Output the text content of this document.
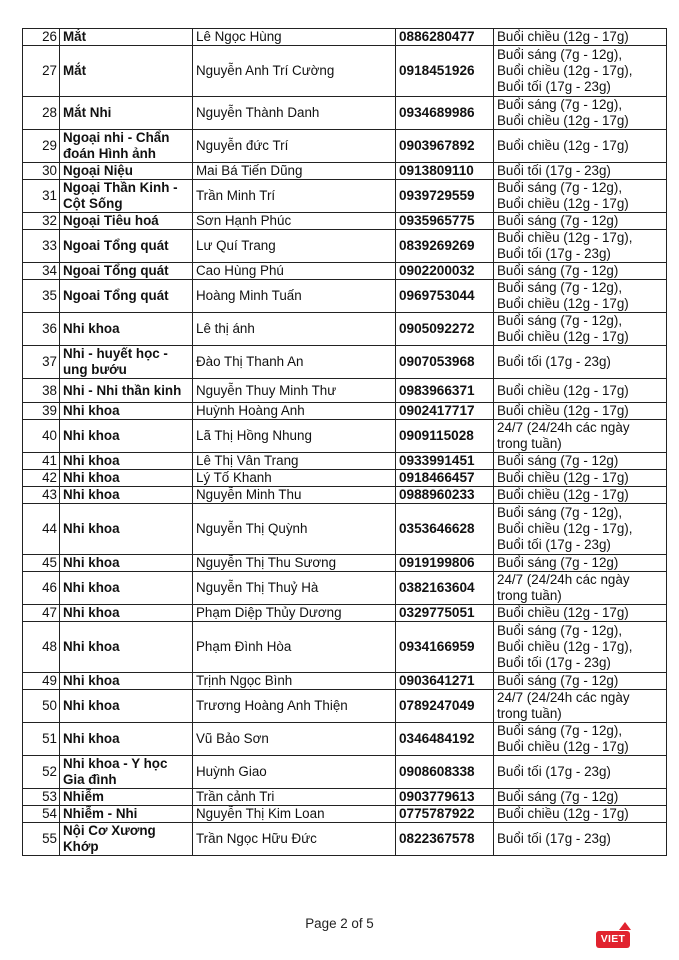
26	Mắt	Lê Ngọc Hùng	0886280477	Buổi chiều (12g - 17g)
27	Mắt	Nguyễn Anh Trí Cường	0918451926	Buổi sáng (7g - 12g),
Buổi chiều (12g - 17g),
Buổi tối (17g - 23g)
28	Mắt Nhi	Nguyễn Thành Danh	0934689986	Buổi sáng (7g - 12g),
Buổi chiều (12g - 17g)
29	Ngoại nhi - Chẩn đoán Hình ảnh	Nguyễn đức Trí	0903967892	Buổi chiều (12g - 17g)
30	Ngoại Niệu	Mai Bá Tiến Dũng	0913809110	Buổi tối (17g - 23g)
31	Ngoại Thần Kinh -
Cột Sống	Trần Minh Trí	0939729559	Buổi sáng (7g - 12g),
Buổi chiều (12g - 17g)
32	Ngoại Tiêu hoá	Sơn Hạnh Phúc	0935965775	Buổi sáng (7g - 12g)
33	Ngoai Tổng quát	Lư Quí Trang	0839269269	Buổi chiều (12g - 17g),
Buổi tối (17g - 23g)
34	Ngoai Tổng quát	Cao Hùng Phú	0902200032	Buổi sáng (7g - 12g)
35	Ngoai Tổng quát	Hoàng Minh Tuấn	0969753044	Buổi sáng (7g - 12g),
Buổi chiều (12g - 17g)
36	Nhi khoa	Lê thị ánh	0905092272	Buổi sáng (7g - 12g),
Buổi chiều (12g - 17g)
37	Nhi - huyết học - ung bướu	Đào Thị Thanh An	0907053968	Buổi tối (17g - 23g)
38	Nhi - Nhi thần kinh	Nguyễn Thuy Minh Thư	0983966371	Buổi chiều (12g - 17g)
39	Nhi khoa	Huỳnh Hoàng Anh	0902417717	Buổi chiều (12g - 17g)
40	Nhi khoa	Lã Thị Hồng Nhung	0909115028	24/7 (24/24h các ngày trong tuần)
41	Nhi khoa	Lê Thị Vân Trang	0933991451	Buổi sáng (7g - 12g)
42	Nhi khoa	Lý Tố Khanh	0918466457	Buổi chiều (12g - 17g)
43	Nhi khoa	Nguyễn Minh Thu	0988960233	Buổi chiều (12g - 17g)
44	Nhi khoa	Nguyễn Thị Quỳnh	0353646628	Buổi sáng (7g - 12g),
Buổi chiều (12g - 17g),
Buổi tối (17g - 23g)
45	Nhi khoa	Nguyễn Thị Thu Sương	0919199806	Buổi sáng (7g - 12g)
46	Nhi khoa	Nguyễn Thị Thuỷ Hà	0382163604	24/7 (24/24h các ngày trong tuần)
47	Nhi khoa	Phạm Diệp Thủy Dương	0329775051	Buổi chiều (12g - 17g)
48	Nhi khoa	Phạm Đình Hòa	0934166959	Buổi sáng (7g - 12g),
Buổi chiều (12g - 17g),
Buổi tối (17g - 23g)
49	Nhi khoa	Trịnh Ngọc Bình	0903641271	Buổi sáng (7g - 12g)
50	Nhi khoa	Trương Hoàng Anh Thiện	0789247049	24/7 (24/24h các ngày trong tuần)
51	Nhi khoa	Vũ Bảo Sơn	0346484192	Buổi sáng (7g - 12g),
Buổi chiều (12g - 17g)
52	Nhi khoa - Y học Gia đình	Huỳnh Giao	0908608338	Buổi tối (17g - 23g)
53	Nhiễm	Trần cảnh Tri	0903779613	Buổi sáng (7g - 12g)
54	Nhiễm - Nhi	Nguyễn Thị Kim Loan	0775787922	Buổi chiều (12g - 17g)
55	Nội Cơ Xương Khớp	Trần Ngọc Hữu Đức	0822367578	Buổi tối (17g - 23g)
Page 2 of 5
VIET
